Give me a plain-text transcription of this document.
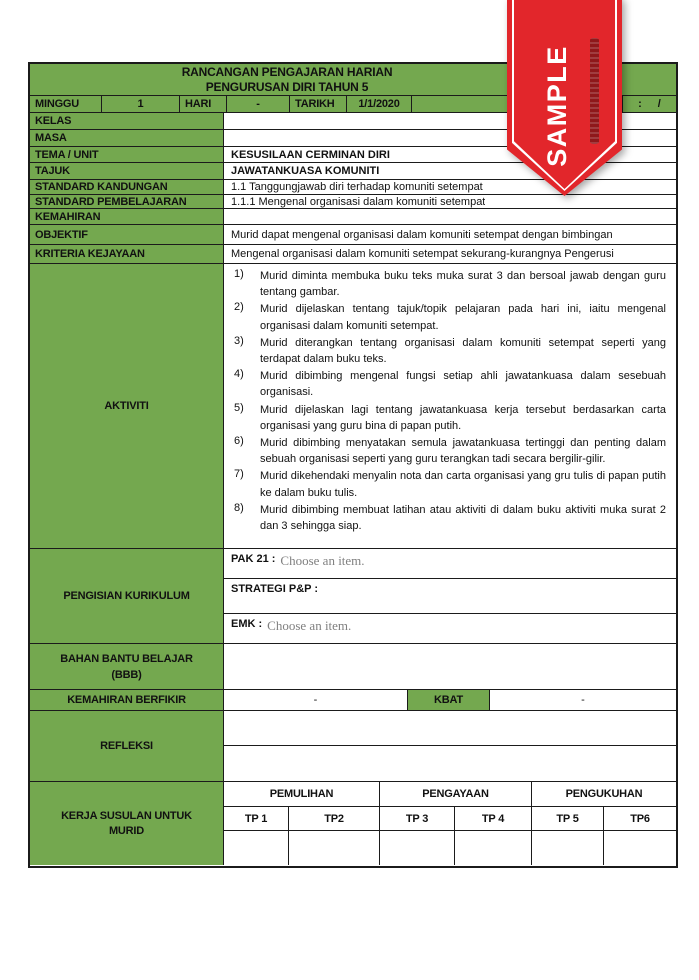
RANCANGAN PENGAJARAN HARIAN
PENGURUSAN DIRI TAHUN 5
MINGGU	1	HARI	-	TARIKH	1/1/2020	: /
KELAS
MASA
TEMA / UNIT	KESUSILAAN CERMINAN DIRI
TAJUK	JAWATANKUASA KOMUNITI
STANDARD KANDUNGAN	1.1 Tanggungjawab diri terhadap komuniti setempat
STANDARD PEMBELAJARAN	1.1.1 Mengenal organisasi dalam komuniti setempat
KEMAHIRAN
OBJEKTIF	Murid dapat mengenal organisasi dalam komuniti setempat dengan bimbingan
KRITERIA KEJAYAAN	Mengenal organisasi dalam komuniti setempat sekurang-kurangnya Pengerusi
AKTIVITI
1)	Murid diminta membuka buku teks muka surat 3 dan bersoal jawab dengan guru tentang gambar.
2)	Murid dijelaskan tentang tajuk/topik pelajaran pada hari ini, iaitu mengenal organisasi dalam komuniti setempat.
3)	Murid diterangkan tentang organisasi dalam komuniti setempat seperti yang terdapat dalam buku teks.
4)	Murid dibimbing mengenal fungsi setiap ahli jawatankuasa dalam sesebuah organisasi.
5)	Murid dijelaskan lagi tentang jawatankuasa kerja tersebut berdasarkan carta organisasi yang guru bina di papan putih.
6)	Murid dibimbing menyatakan semula jawatankuasa tertinggi dan penting dalam sebuah organisasi seperti yang guru terangkan tadi secara bergilir-gilir.
7)	Murid dikehendaki menyalin nota dan carta organisasi yang gru tulis di papan putih ke dalam buku tulis.
8)	Murid dibimbing membuat latihan atau aktiviti di dalam buku aktiviti muka surat 2 dan 3 sehingga siap.
PENGISIAN KURIKULUM
PAK 21 : Choose an item.
STRATEGI P&P :
EMK : Choose an item.
BAHAN BANTU BELAJAR
(BBB)
KEMAHIRAN BERFIKIR	-	KBAT	-
REFLEKSI
KERJA SUSULAN UNTUK
MURID
PEMULIHAN	PENGAYAAN	PENGUKUHAN
TP 1	TP2	TP 3	TP 4	TP 5	TP6
SAMPLE
